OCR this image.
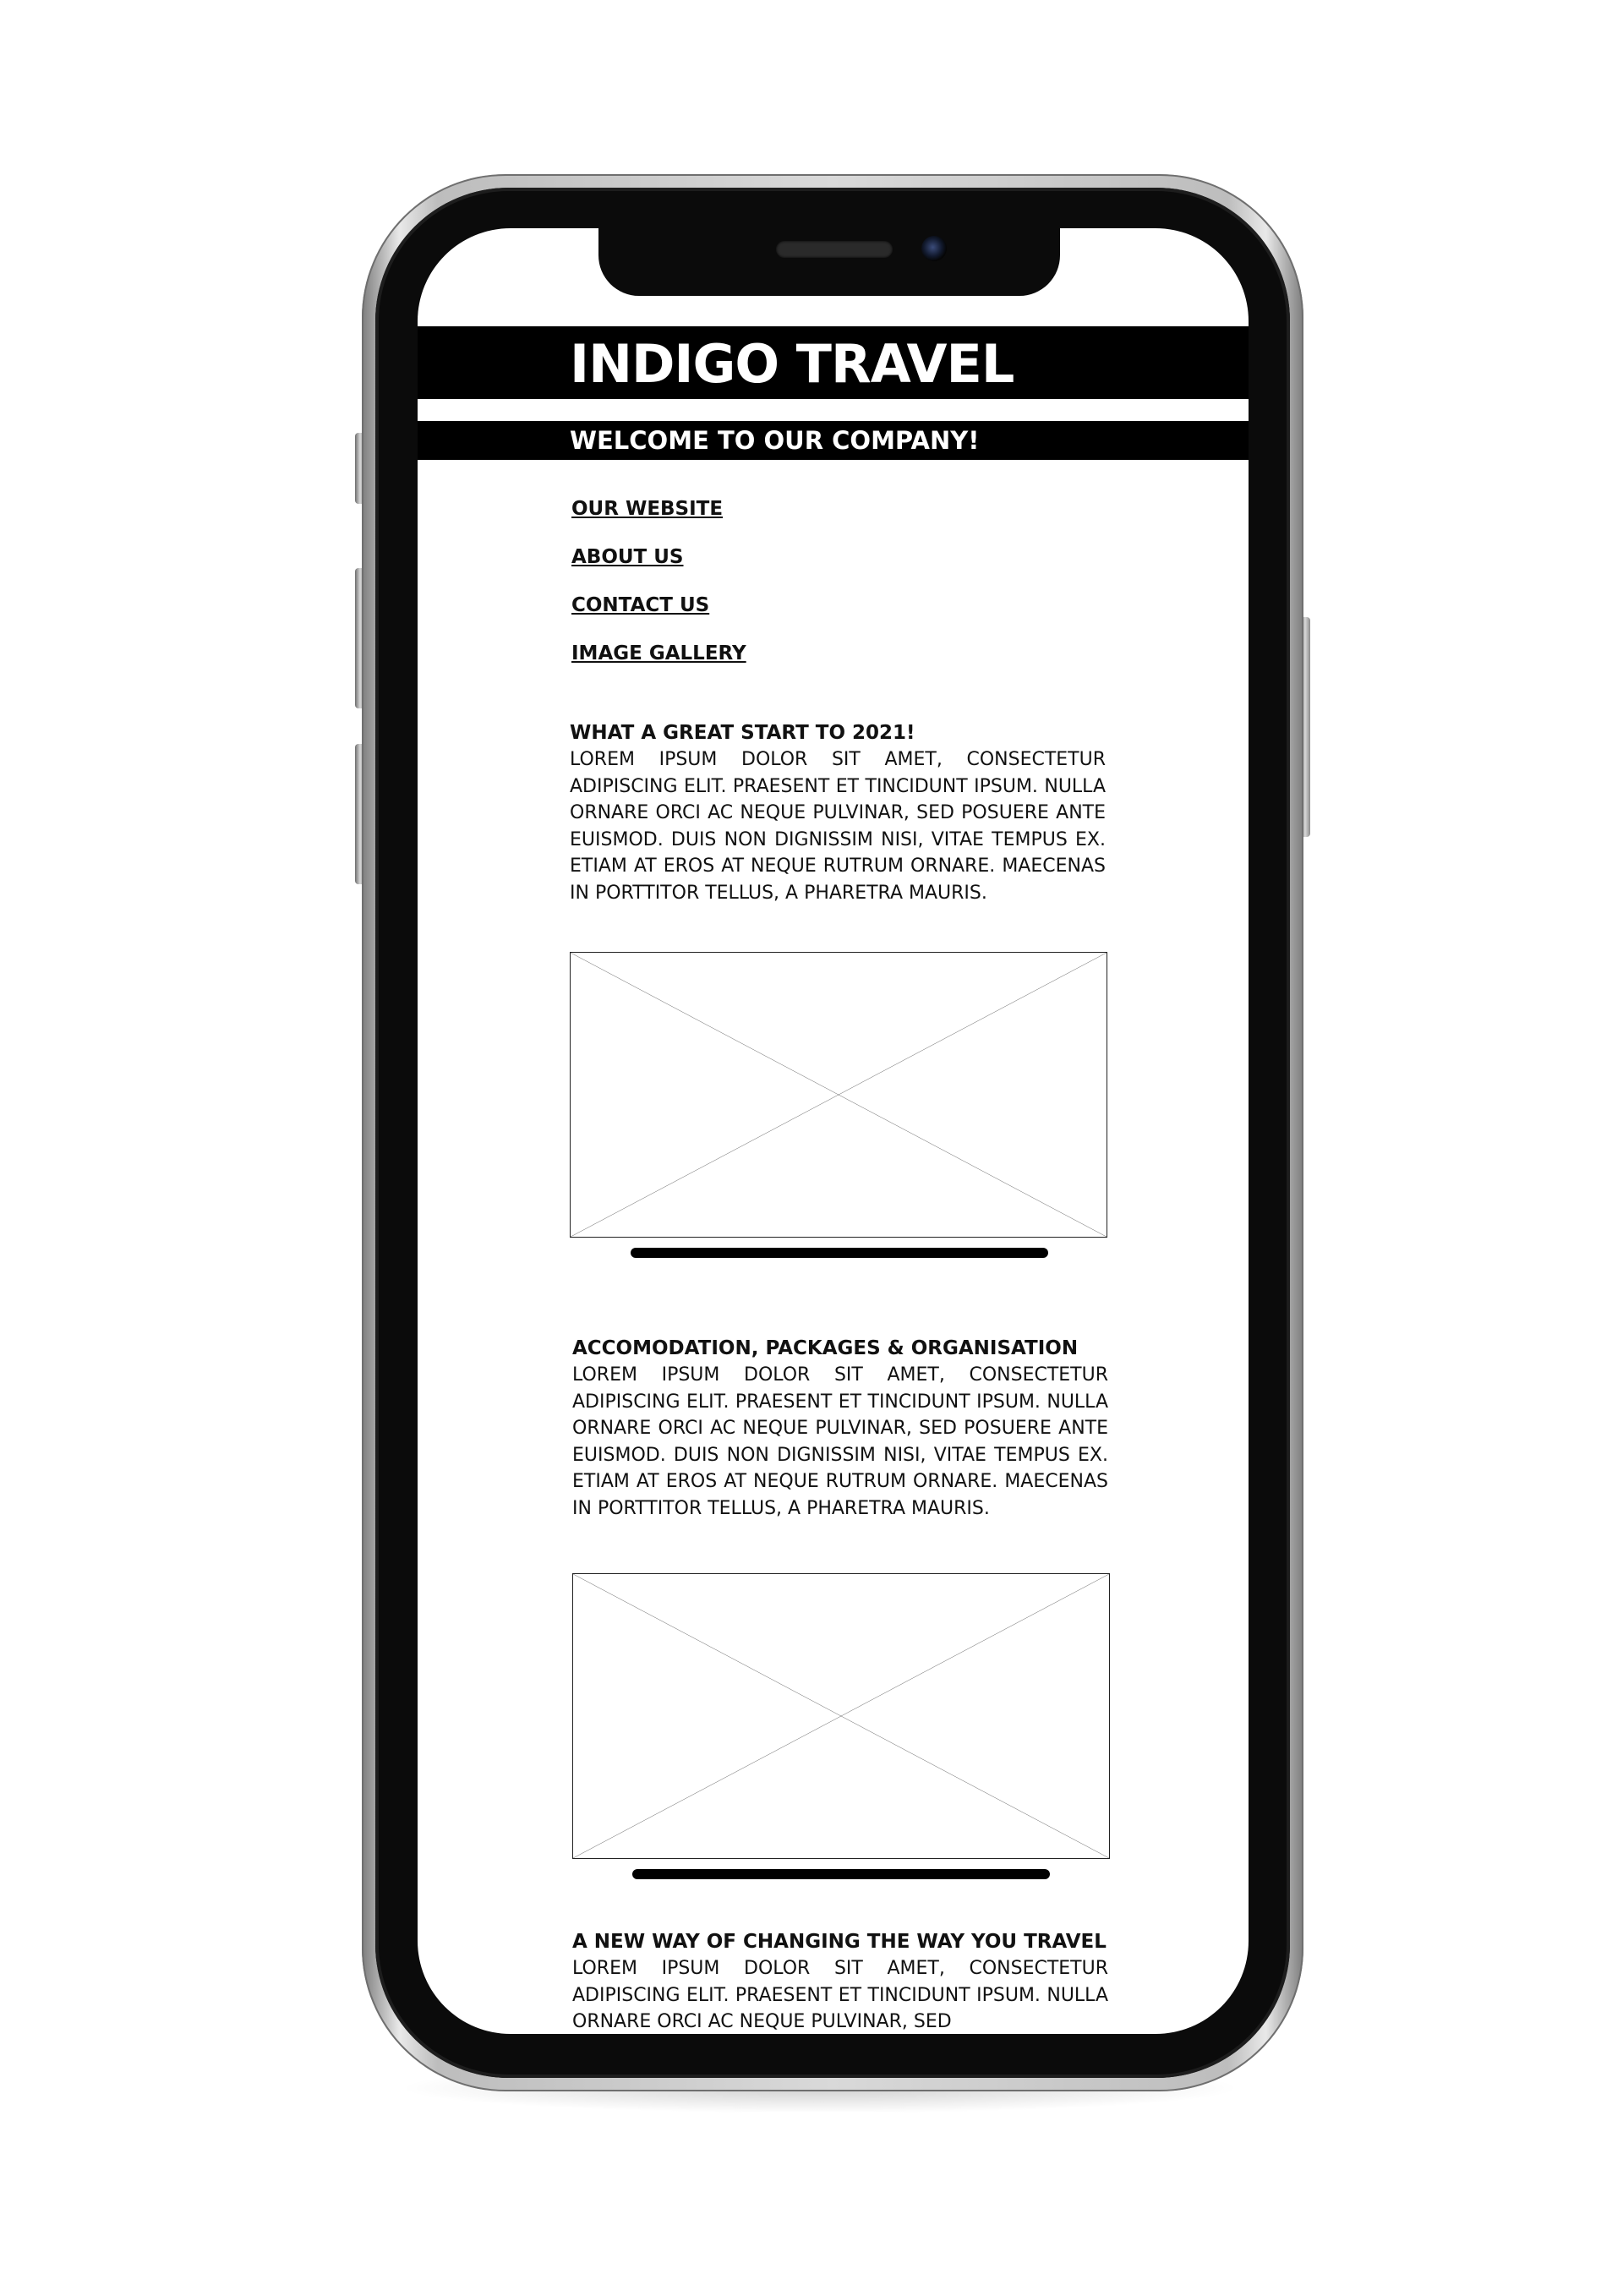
INDIGO TRAVEL
WELCOME TO OUR COMPANY!
OUR WEBSITE
ABOUT US
CONTACT US
IMAGE GALLERY
WHAT A GREAT START TO 2021!

LOREM IPSUM DOLOR SIT AMET, CONSECTETUR ADIPISCING ELIT. PRAESENT ET TINCIDUNT IPSUM. NULLA ORNARE ORCI AC NEQUE PULVINAR, SED POSUERE ANTE EUISMOD. DUIS NON DIGNISSIM NISI, VITAE TEMPUS EX. ETIAM AT EROS AT NEQUE RUTRUM ORNARE. MAECENAS IN PORTTITOR TELLUS, A PHARETRA MAURIS.

ACCOMODATION, PACKAGES & ORGANISATION

LOREM IPSUM DOLOR SIT AMET, CONSECTETUR ADIPISCING ELIT. PRAESENT ET TINCIDUNT IPSUM. NULLA ORNARE ORCI AC NEQUE PULVINAR, SED POSUERE ANTE EUISMOD. DUIS NON DIGNISSIM NISI, VITAE TEMPUS EX. ETIAM AT EROS AT NEQUE RUTRUM ORNARE. MAECENAS IN PORTTITOR TELLUS, A PHARETRA MAURIS.

A NEW WAY OF CHANGING THE WAY YOU TRAVEL

LOREM IPSUM DOLOR SIT AMET, CONSECTETUR ADIPISCING ELIT. PRAESENT ET TINCIDUNT IPSUM. NULLA ORNARE ORCI AC NEQUE PULVINAR, SED
